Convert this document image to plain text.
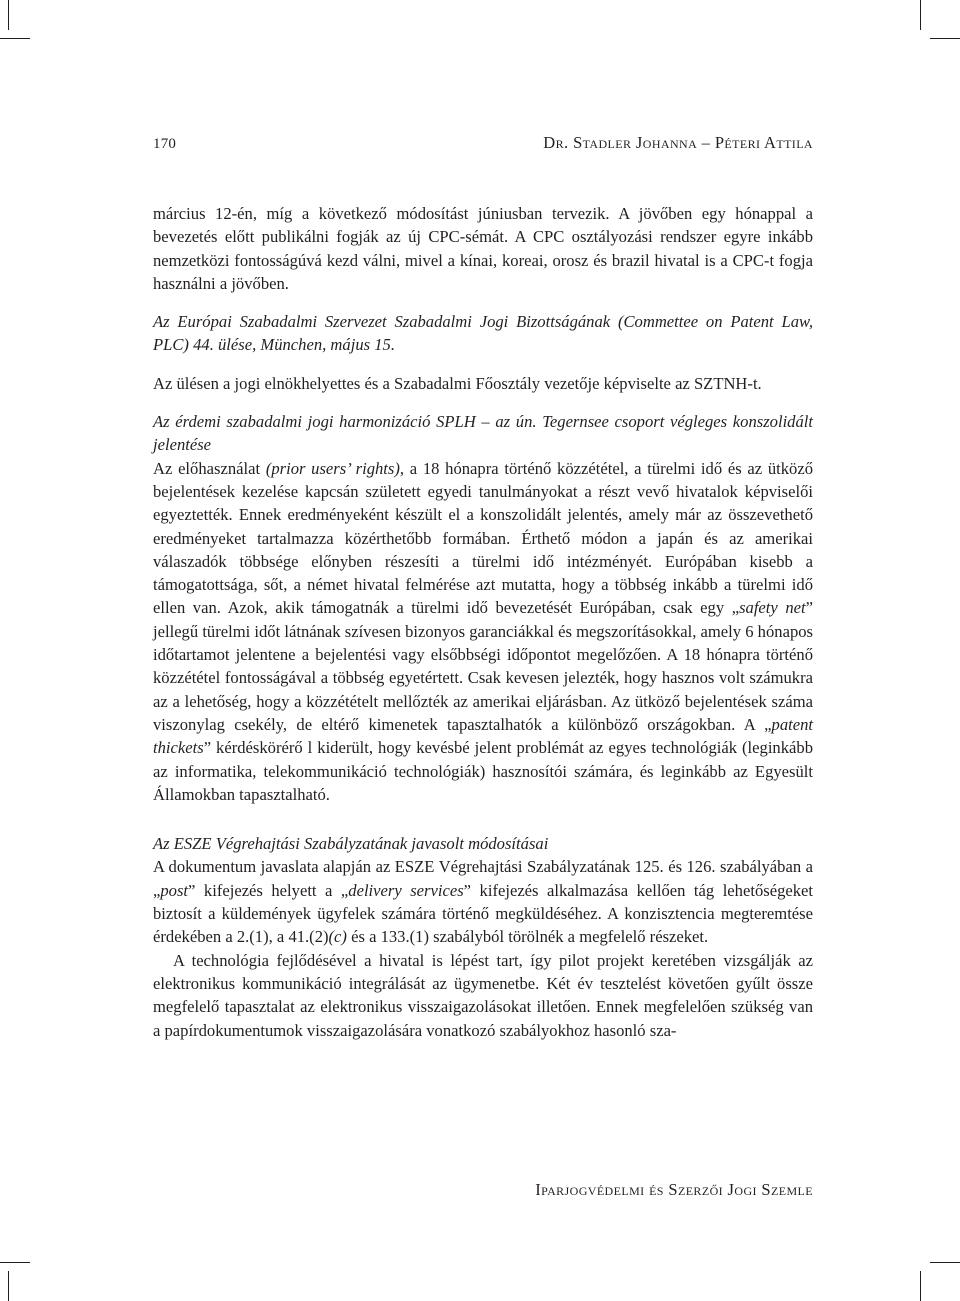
170	Dr. Stadler Johanna – Péteri Attila

március 12-én, míg a következő módosítást júniusban tervezik. A jövőben egy hónappal a bevezetés előtt publikálni fogják az új CPC-sémát. A CPC osztályozási rendszer egyre inkább nemzetközi fontosságúvá kezd válni, mivel a kínai, koreai, orosz és brazil hivatal is a CPC-t fogja használni a jövőben.

Az Európai Szabadalmi Szervezet Szabadalmi Jogi Bizottságának (Commettee on Patent Law, PLC) 44. ülése, München, május 15.

Az ülésen a jogi elnökhelyettes és a Szabadalmi Főosztály vezetője képviselte az SZTNH-t.

Az érdemi szabadalmi jogi harmonizáció SPLH – az ún. Tegernsee csoport végleges konszolidált jelentése

Az előhasználat (prior users’ rights), a 18 hónapra történő közzététel, a türelmi idő és az ütköző bejelentések kezelése kapcsán született egyedi tanulmányokat a részt vevő hivatalok képviselői egyeztették. Ennek eredményeként készült el a konszolidált jelentés, amely már az összevethető eredményeket tartalmazza közérthetőbb formában. Érthető módon a japán és az amerikai válaszadók többsége előnyben részesíti a türelmi idő intézményét. Európában kisebb a támogatottsága, sőt, a német hivatal felmérése azt mutatta, hogy a többség inkább a türelmi idő ellen van. Azok, akik támogatnák a türelmi idő bevezetését Európában, csak egy „safety net” jellegű türelmi időt látnának szívesen bizonyos garanciákkal és megszorításokkal, amely 6 hónapos időtartamot jelentene a bejelentési vagy elsőbbségi időpontot megelőzően. A 18 hónapra történő közzététel fontosságával a többség egyetértett. Csak kevesen jelezték, hogy hasznos volt számukra az a lehetőség, hogy a közzétételt mellőzték az amerikai eljárásban. Az ütköző bejelentések száma viszonylag csekély, de eltérő kimenetek tapasztalhatók a különböző országokban. A „patent thickets” kérdéskörérő l kiderült, hogy kevésbé jelent problémát az egyes technológiák (leginkább az informatika, telekommunikáció technológiák) hasznosítói számára, és leginkább az Egyesült Államokban tapasztalható.

Az ESZE Végrehajtási Szabályzatának javasolt módosításai

A dokumentum javaslata alapján az ESZE Végrehajtási Szabályzatának 125. és 126. szabályában a „post” kifejezés helyett a „delivery services” kifejezés alkalmazása kellően tág lehetőségeket biztosít a küldemények ügyfelek számára történő megküldéséhez. A konzisztencia megteremtése érdekében a 2.(1), a 41.(2)(c) és a 133.(1) szabályból törölnék a megfelelő részeket.

A technológia fejlődésével a hivatal is lépést tart, így pilot projekt keretében vizsgálják az elektronikus kommunikáció integrálását az ügymenetbe. Két év tesztelést követően gyűlt össze megfelelő tapasztalat az elektronikus visszaigazolásokat illetően. Ennek megfelelően szükség van a papírdokumentumok visszaigazolására vonatkozó szabályokhoz hasonló sza-

Iparjogvédelmi és Szerzői Jogi Szemle
